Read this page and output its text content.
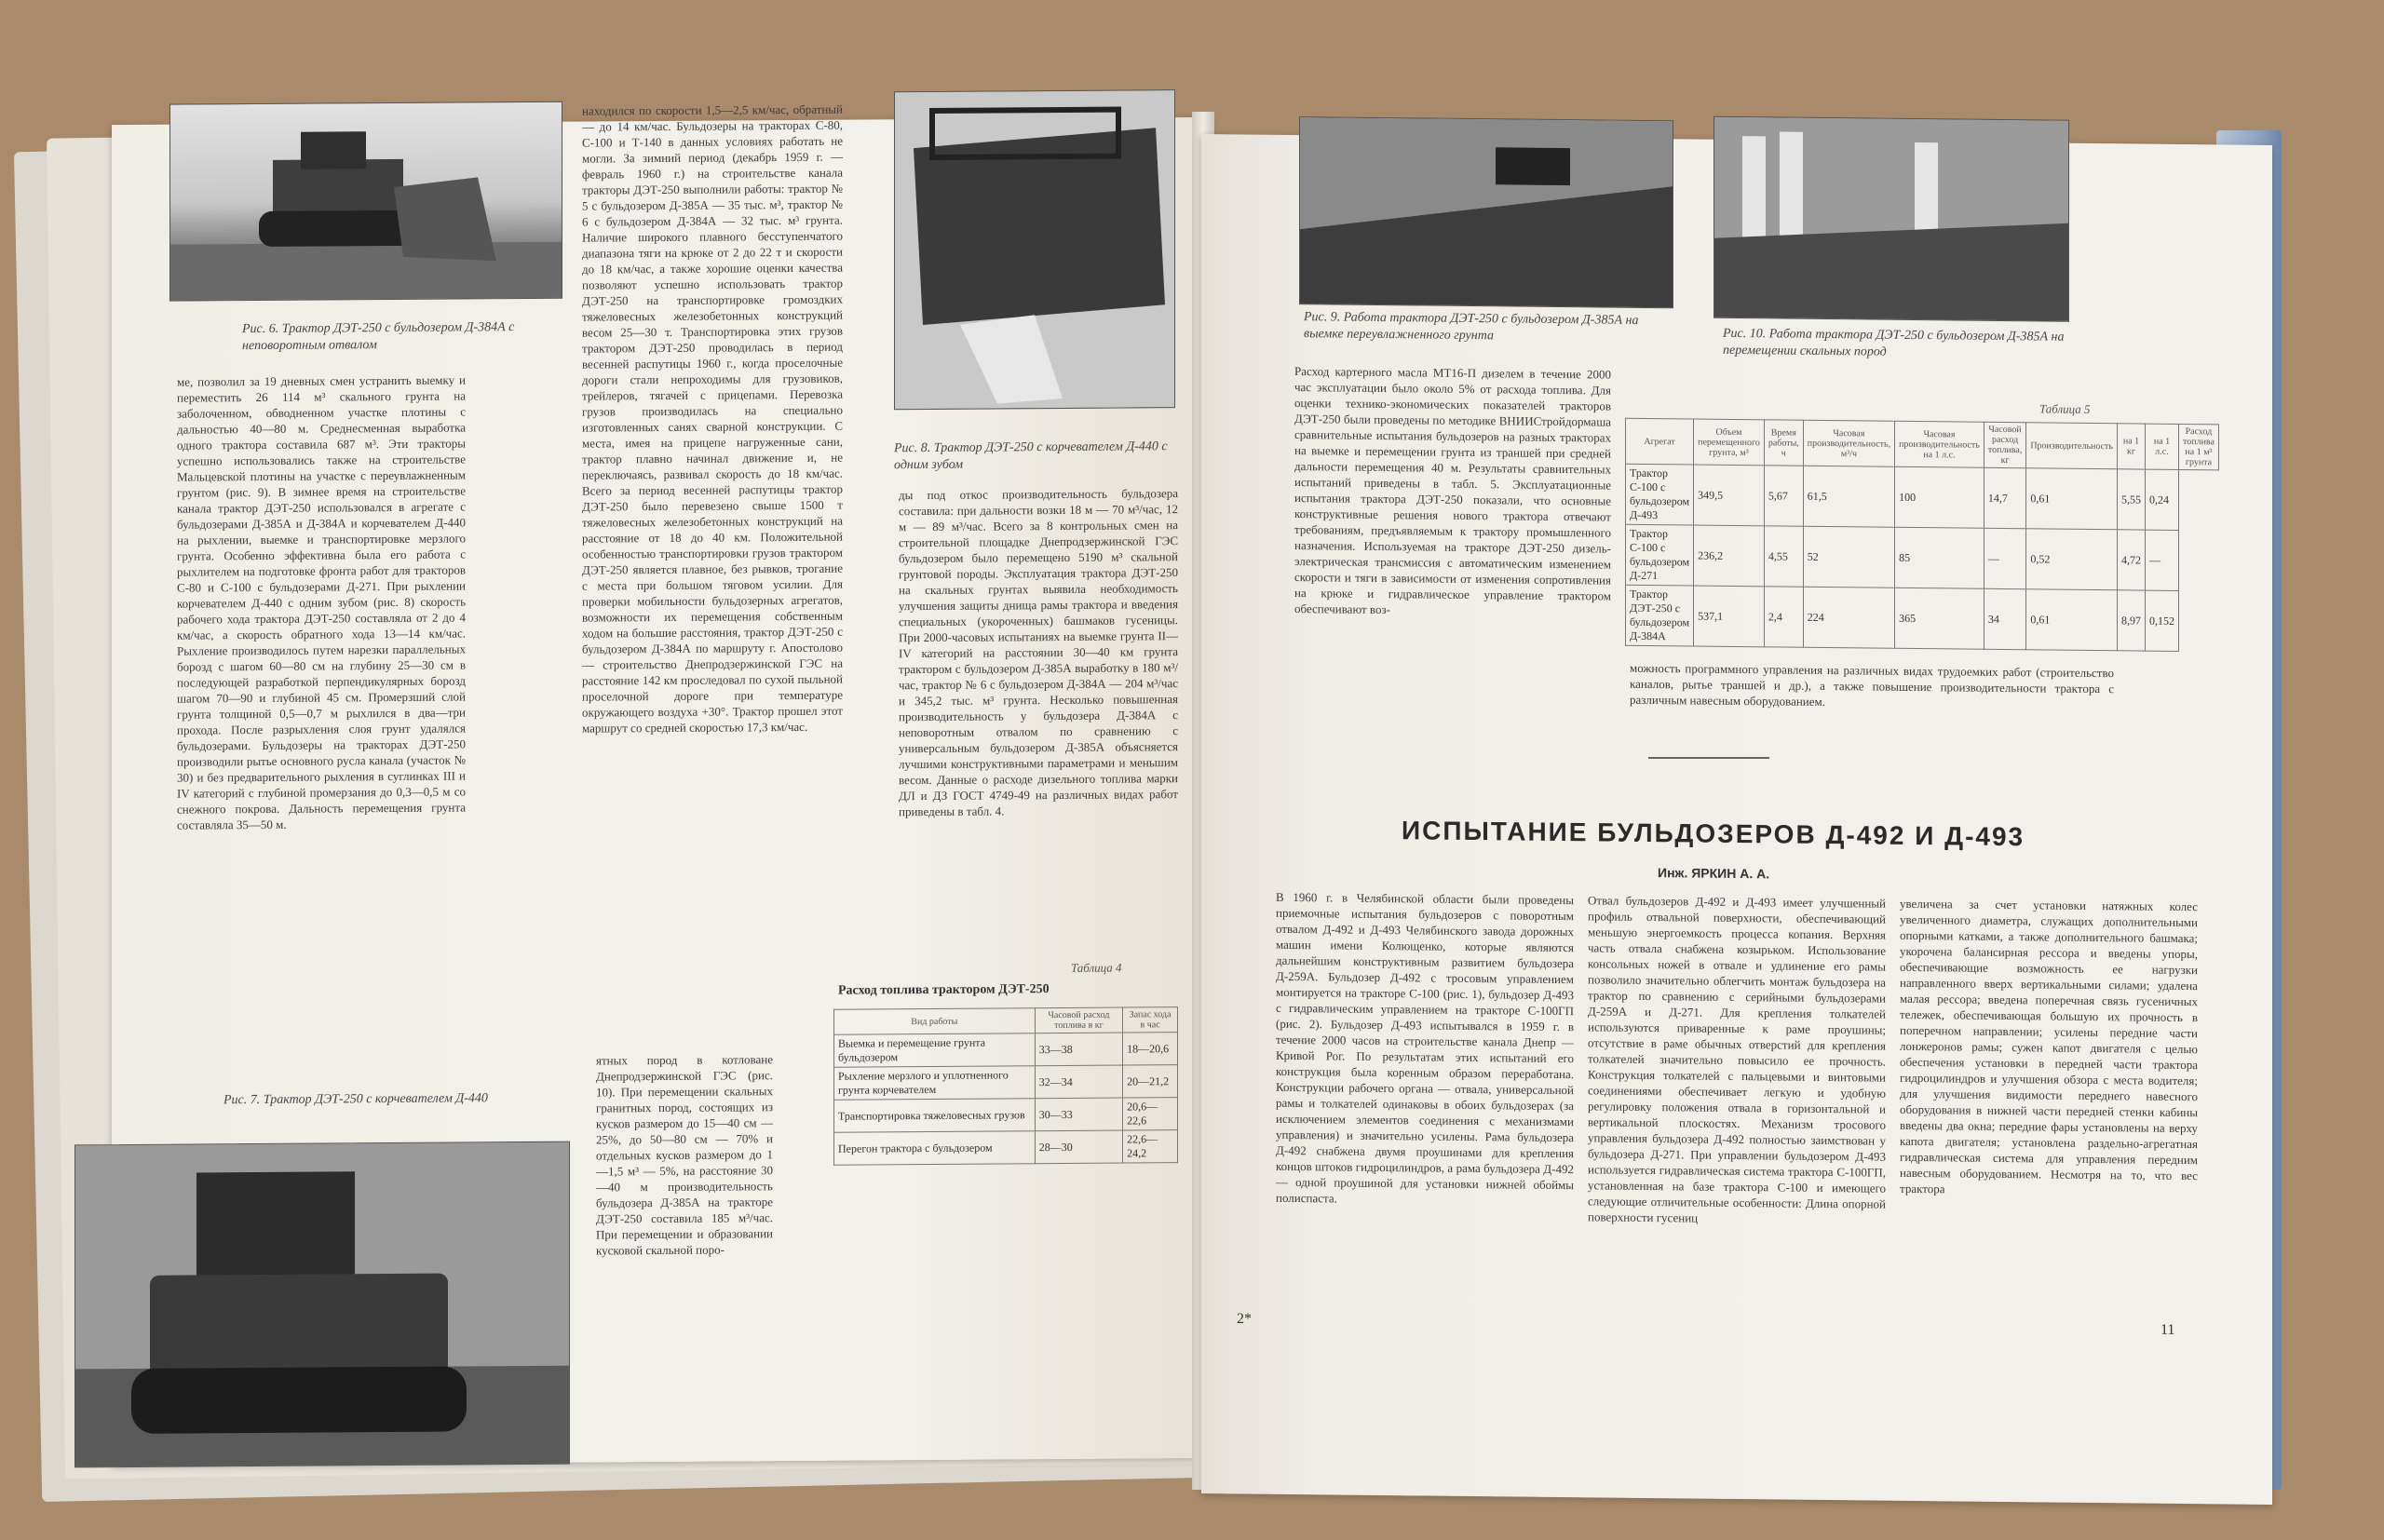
Рис. 6. Трактор ДЭТ-250 с бульдозером Д-384А с неповоротным отвалом
ме, позволил за 19 дневных смен устранить выемку и переместить 26 114 м³ скального грунта на заболоченном, обводненном участке плотины с дальностью 40—80 м. Среднесменная выработка одного трактора составила 687 м³. Эти тракторы успешно использовались также на строительстве Мальцевской плотины на участке с переувлажненным грунтом (рис. 9). В зимнее время на строительстве канала трактор ДЭТ-250 использовался в агрегате с бульдозерами Д-385А и Д-384А и корчевателем Д-440 на рыхлении, выемке и транспортировке мерзлого грунта. Особенно эффективна была его работа с рыхлителем на подготовке фронта работ для тракторов С-80 и С-100 с бульдозерами Д-271. При рыхлении корчевателем Д-440 с одним зубом (рис. 8) скорость рабочего хода трактора ДЭТ-250 составляла от 2 до 4 км/час, а скорость обратного хода 13—14 км/час. Рыхление производилось путем нарезки параллельных борозд с шагом 60—80 см на глубину 25—30 см в последующей разработкой перпендикулярных борозд шагом 70—90 и глубиной 45 см. Промерзший слой грунта толщиной 0,5—0,7 м рыхлился в два—три прохода. После разрыхления слоя грунт удалялся бульдозерами. Бульдозеры на тракторах ДЭТ-250 производили рытье основного русла канала (участок № 30) и без предварительного рыхления в суглинках III и IV категорий с глубиной промерзания до 0,3—0,5 м со снежного покрова. Дальность перемещения грунта составляла 35—50 м.
находился по скорости 1,5—2,5 км/час, обратный — до 14 км/час. Бульдозеры на тракторах С-80, С-100 и Т-140 в данных условиях работать не могли. За зимний период (декабрь 1959 г. — февраль 1960 г.) на строительстве канала тракторы ДЭТ-250 выполнили работы: трактор № 5 с бульдозером Д-385А — 35 тыс. м³, трактор № 6 с бульдозером Д-384А — 32 тыс. м³ грунта. Наличие широкого плавного бесступенчатого диапазона тяги на крюке от 2 до 22 т и скорости до 18 км/час, а также хорошие оценки качества позволяют успешно использовать трактор ДЭТ-250 на транспортировке громоздких тяжеловесных железобетонных конструкций весом 25—30 т. Транспортировка этих грузов трактором ДЭТ-250 проводилась в период весенней распутицы 1960 г., когда проселочные дороги стали непроходимы для грузовиков, трейлеров, тягачей с прицепами. Перевозка грузов производилась на специально изготовленных санях сварной конструкции. С места, имея на прицепе нагруженные сани, трактор плавно начинал движение и, не переключаясь, развивал скорость до 18 км/час. Всего за период весенней распутицы трактор ДЭТ-250 было перевезено свыше 1500 т тяжеловесных железобетонных конструкций на расстояние от 18 до 40 км. Положительной особенностью транспортировки грузов трактором ДЭТ-250 является плавное, без рывков, трогание с места при большом тяговом усилии. Для проверки мобильности бульдозерных агрегатов, возможности их перемещения собственным ходом на большие расстояния, трактор ДЭТ-250 с бульдозером Д-384А по маршруту г. Апостолово — строительство Днепродзержинской ГЭС на расстояние 142 км проследовал по сухой пыльной проселочной дороге при температуре окружающего воздуха +30°. Трактор прошел этот маршрут со средней скоростью 17,3 км/час.
Рис. 8. Трактор ДЭТ-250 с корчевателем Д-440 с одним зубом
ды под откос производительность бульдозера составила: при дальности возки 18 м — 70 м³/час, 12 м — 89 м³/час. Всего за 8 контрольных смен на строительной площадке Днепродзержинской ГЭС бульдозером было перемещено 5190 м³ скальной грунтовой породы. Эксплуатация трактора ДЭТ-250 на скальных грунтах выявила необходимость улучшения защиты днища рамы трактора и введения специальных (укороченных) башмаков гусеницы. При 2000-часовых испытаниях на выемке грунта II—IV категорий на расстоянии 30—40 км грунта трактором с бульдозером Д-385А выработку в 180 м³/час, трактор № 6 с бульдозером Д-384А — 204 м³/час и 345,2 тыс. м³ грунта. Несколько повышенная производительность у бульдозера Д-384А с неповоротным отвалом по сравнению с универсальным бульдозером Д-385А объясняется лучшими конструктивными параметрами и меньшим весом. Данные о расходе дизельного топлива марки ДЛ и ДЗ ГОСТ 4749-49 на различных видах работ приведены в табл. 4.
Рис. 7. Трактор ДЭТ-250 с корчевателем Д-440
ятных пород в котловане Днепродзержинской ГЭС (рис. 10). При перемещении скальных гранитных пород, состоящих из кусков размером до 15—40 см — 25%, до 50—80 см — 70% и отдельных кусков размером до 1—1,5 м³ — 5%, на расстояние 30—40 м производительность бульдозера Д-385А на тракторе ДЭТ-250 составила 185 м³/час. При перемещении и образовании кусковой скальной поро-
Таблица 4
Расход топлива трактором ДЭТ-250
Вид работы	Часовой расход топлива в кг	Запас хода в час
Выемка и перемещение грунта бульдозером	33—38	18—20,6
Рыхление мерзлого и уплотненного грунта корчевателем	32—34	20—21,2
Транспортировка тяжеловесных грузов	30—33	20,6—22,6
Перегон трактора с бульдозером	28—30	22,6—24,2
Рис. 9. Работа трактора ДЭТ-250 с бульдозером Д-385А на выемке переувлажненного грунта	Рис. 10. Работа трактора ДЭТ-250 с бульдозером Д-385А на перемещении скальных пород
Расход картерного масла МТ16-П дизелем в течение 2000 час эксплуатации было около 5% от расхода топлива. Для оценки технико-экономических показателей тракторов ДЭТ-250 были проведены по методике ВНИИСтройдормаша сравнительные испытания бульдозеров на разных тракторах на выемке и перемещении грунта из траншей при средней дальности перемещения 40 м. Результаты сравнительных испытаний приведены в табл. 5. Эксплуатационные испытания трактора ДЭТ-250 показали, что основные конструктивные решения нового трактора отвечают требованиям, предъявляемым к трактору промышленного назначения. Используемая на тракторе ДЭТ-250 дизель-электрическая трансмиссия с автоматическим изменением скорости и тяги в зависимости от изменения сопротивления на крюке и гидравлическое управление трактором обеспечивают воз-
Таблица 5
Агрегат	Объем перемещенного грунта, м³	Время работы, ч	Часовая производительность, м³/ч	Часовая производительность на 1 л.с.	Часовой расход топлива, кг	Производительность	на 1 кг	на 1 л.с.	Расход топлива на 1 м³ грунта
Трактор С-100 с бульдозером Д-493	349,5	5,67	61,5	100	14,7	0,61	5,55	0,24
Трактор С-100 с бульдозером Д-271	236,2	4,55	52	85	—	0,52	4,72	—	
Трактор ДЭТ-250 с бульдозером Д-384А	537,1	2,4	224	365	34	0,61	8,97	0,152	
можность программного управления на различных видах трудоемких работ (строительство каналов, рытье траншей и др.), а также повышение производительности трактора с различным навесным оборудованием.
ИСПЫТАНИЕ БУЛЬДОЗЕРОВ Д-492 И Д-493
Инж. ЯРКИН А. А.
В 1960 г. в Челябинской области были проведены приемочные испытания бульдозеров с поворотным отвалом Д-492 и Д-493 Челябинского завода дорожных машин имени Колющенко, которые являются дальнейшим конструктивным развитием бульдозера Д-259А. Бульдозер Д-492 с тросовым управлением монтируется на тракторе С-100 (рис. 1), бульдозер Д-493 с гидравлическим управлением на тракторе С-100ГП (рис. 2). Бульдозер Д-493 испытывался в 1959 г. в течение 2000 часов на строительстве канала Днепр — Кривой Рог. По результатам этих испытаний его конструкция была коренным образом переработана. Конструкции рабочего органа — отвала, универсальной рамы и толкателей одинаковы в обоих бульдозерах (за исключением элементов соединения с механизмами управления) и значительно усилены. Рама бульдозера Д-492 снабжена двумя проушинами для крепления концов штоков гидроцилиндров, а рама бульдозера Д-492 — одной проушиной для установки нижней обоймы полиспаста.
Отвал бульдозеров Д-492 и Д-493 имеет улучшенный профиль отвальной поверхности, обеспечивающий меньшую энергоемкость процесса копания. Верхняя часть отвала снабжена козырьком. Использование консольных ножей в отвале и удлинение его рамы позволило значительно облегчить монтаж бульдозера на трактор по сравнению с серийными бульдозерами Д-259А и Д-271. Для крепления толкателей используются приваренные к раме проушины; отсутствие в раме обычных отверстий для крепления толкателей значительно повысило ее прочность. Конструкция толкателей с пальцевыми и винтовыми соединениями обеспечивает легкую и удобную регулировку положения отвала в горизонтальной и вертикальной плоскостях. Механизм тросового управления бульдозера Д-492 полностью заимствован у бульдозера Д-271. При управлении бульдозером Д-493 используется гидравлическая система трактора С-100ГП, установленная на базе трактора С-100 и имеющего следующие отличительные особенности: Длина опорной поверхности гусениц
увеличена за счет установки натяжных колес увеличенного диаметра, служащих дополнительными опорными катками, а также дополнительного башмака; укорочена балансирная рессора и введены упоры, обеспечивающие возможность ее нагрузки направленного вверх вертикальными силами; удалена малая рессора; введена поперечная связь гусеничных тележек, обеспечивающая большую их прочность в поперечном направлении; усилены передние части лонжеронов рамы; сужен капот двигателя с целью обеспечения установки в передней части трактора гидроцилиндров и улучшения обзора с места водителя; для улучшения видимости переднего навесного оборудования в нижней части передней стенки кабины введены два окна; передние фары установлены на верху капота двигателя; установлена раздельно-агрегатная гидравлическая система для управления передним навесным оборудованием. Несмотря на то, что вес трактора
11
2*
